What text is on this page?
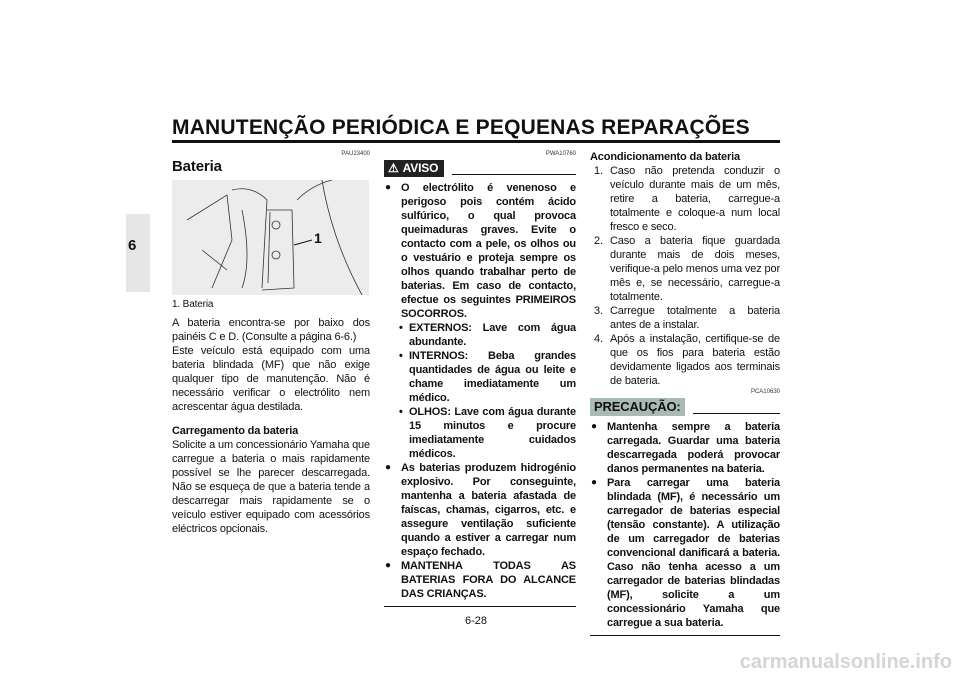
MANUTENÇÃO PERIÓDICA E PEQUENAS REPARAÇÕES
6
PAU23400
Bateria
1
1. Bateria

A bateria encontra-se por baixo dos painéis C e D. (Consulte a página 6-6.)

Este veículo está equipado com uma bateria blindada (MF) que não exige qualquer tipo de manutenção. Não é necessário verificar o electrólito nem acrescentar água destilada.

Carregamento da bateria

Solicite a um concessionário Yamaha que carregue a bateria o mais rapidamente possível se lhe parecer descarregada. Não se esqueça de que a bateria tende a descarregar mais rapidamente se o veículo estiver equipado com acessórios eléctricos opcionais.

PWA10760
⚠ AVISO
● O electrólito é venenoso e perigoso pois contém ácido sulfúrico, o qual provoca queimaduras graves. Evite o contacto com a pele, os olhos ou o vestuário e proteja sempre os olhos quando trabalhar perto de baterias. Em caso de contacto, efectue os seguintes PRIMEIROS SOCORROS.
• EXTERNOS: Lave com água abundante.
• INTERNOS: Beba grandes quantidades de água ou leite e chame imediatamente um médico.
• OLHOS: Lave com água durante 15 minutos e procure imediatamente cuidados médicos.
● As baterias produzem hidrogénio explosivo. Por conseguinte, mantenha a bateria afastada de faíscas, chamas, cigarros, etc. e assegure ventilação suficiente quando a estiver a carregar num espaço fechado.
● MANTENHA TODAS AS BATERIAS FORA DO ALCANCE DAS CRIANÇAS.

Acondicionamento da bateria

1. Caso não pretenda conduzir o veículo durante mais de um mês, retire a bateria, carregue-a totalmente e coloque-a num local fresco e seco.
2. Caso a bateria fique guardada durante mais de dois meses, verifique-a pelo menos uma vez por mês e, se necessário, carregue-a totalmente.
3. Carregue totalmente a bateria antes de a instalar.
4. Após a instalação, certifique-se de que os fios para bateria estão devidamente ligados aos terminais de bateria.
PCA10630
PRECAUÇÃO:
● Mantenha sempre a bateria carregada. Guardar uma bateria descarregada poderá provocar danos permanentes na bateria.
● Para carregar uma bateria blindada (MF), é necessário um carregador de baterias especial (tensão constante). A utilização de um carregador de baterias convencional danificará a bateria. Caso não tenha acesso a um carregador de baterias blindadas (MF), solicite a um concessionário Yamaha que carregue a sua bateria.
6-28
carmanualsonline.info
